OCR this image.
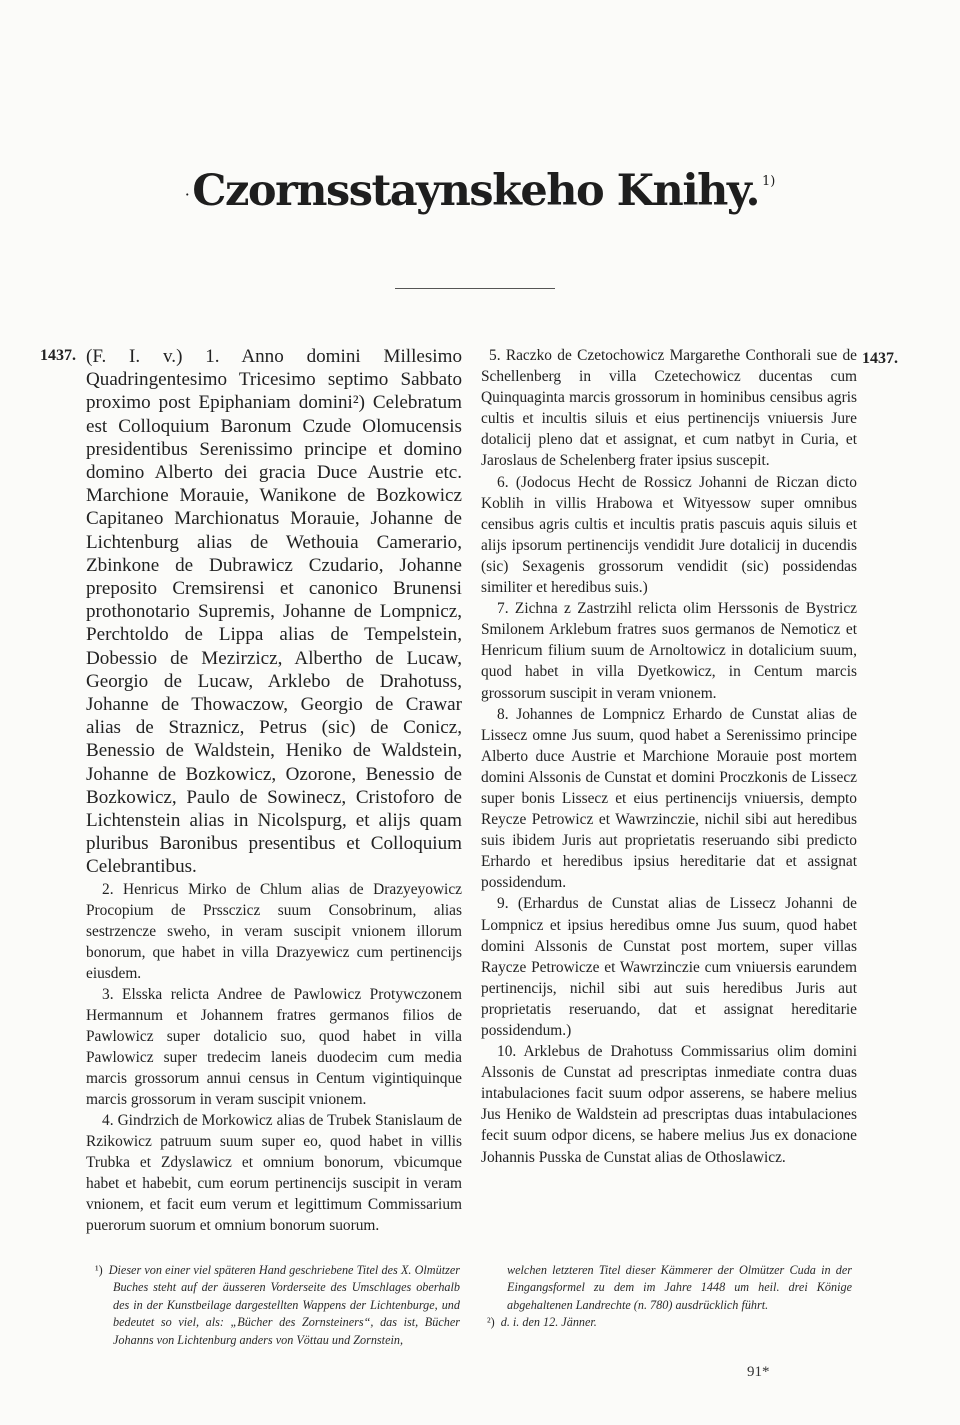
·Czornsstaynskeho Knihy. $^{1)}$
1437.	1437.

(F. I. v.) 1. Anno domini Millesimo Quadringentesimo Tricesimo septimo Sabbato proximo post Epiphaniam domini²) Celebratum est Colloquium Baronum Czude Olomucensis presidentibus Serenissimo principe et domino domino Alberto dei gracia Duce Austrie etc. Marchione Morauie, Wanikone de Bozkowicz Capitaneo Marchionatus Morauie, Johanne de Lichtenburg alias de Wethouia Camerario, Zbinkone de Dubrawicz Czudario, Johanne preposito Cremsirensi et canonico Brunensi prothonotario Supremis, Johanne de Lompnicz, Perchtoldo de Lippa alias de Tempelstein, Dobessio de Mezirzicz, Albertho de Lucaw, Georgio de Lucaw, Arklebo de Drahotuss, Johanne de Thowaczow, Georgio de Crawar alias de Straznicz, Petrus (sic) de Conicz, Benessio de Waldstein, Heniko de Waldstein, Johanne de Bozkowicz, Ozorone, Benessio de Bozkowicz, Paulo de Sowinecz, Cristoforo de Lichtenstein alias in Nicolspurg, et alijs quam pluribus Baronibus presentibus et Colloquium Celebrantibus.

2. Henricus Mirko de Chlum alias de Drazyeyowicz Procopium de Prssczicz suum Consobrinum, alias sestrzencze sweho, in veram suscipit vnionem illorum bonorum, que habet in villa Drazyewicz cum pertinencijs eiusdem.

3. Elsska relicta Andree de Pawlowicz Protywczonem Hermannum et Johannem fratres germanos filios de Pawlowicz super dotalicio suo, quod habet in villa Pawlowicz super tredecim laneis duodecim cum media marcis grossorum annui census in Centum vigintiquinque marcis grossorum in veram suscipit vnionem.

4. Gindrzich de Morkowicz alias de Trubek Stanislaum de Rzikowicz patruum suum super eo, quod habet in villis Trubka et Zdyslawicz et omnium bonorum, vbicumque habet et habebit, cum eorum pertinencijs suscipit in veram vnionem, et facit eum verum et legittimum Commissarium puerorum suorum et omnium bonorum suorum.

5. Raczko de Czetochowicz Margarethe Conthorali sue de Schellenberg in villa Czetechowicz ducentas cum Quinquaginta marcis grossorum in hominibus censibus agris cultis et incultis siluis et eius pertinencijs vniuersis Jure dotalicij pleno dat et assignat, et cum natbyt in Curia, et Jaroslaus de Schelenberg frater ipsius suscepit.

6. (Jodocus Hecht de Rossicz Johanni de Riczan dicto Koblih in villis Hrabowa et Wityessow super omnibus censibus agris cultis et incultis pratis pascuis aquis siluis et alijs ipsorum pertinencijs vendidit Jure dotalicij in ducendis (sic) Sexagenis grossorum vendidit (sic) possidendas similiter et heredibus suis.)

7. Zichna z Zastrzihl relicta olim Herssonis de Bystricz Smilonem Arklebum fratres suos germanos de Nemoticz et Henricum filium suum de Arnoltowicz in dotalicium suum, quod habet in villa Dyetkowicz, in Centum marcis grossorum suscipit in veram vnionem.

8. Johannes de Lompnicz Erhardo de Cunstat alias de Lissecz omne Jus suum, quod habet a Serenissimo principe Alberto duce Austrie et Marchione Morauie post mortem domini Alssonis de Cunstat et domini Proczkonis de Lissecz super bonis Lissecz et eius pertinencijs vniuersis, dempto Reycze Petrowicz et Wawrzinczie, nichil sibi aut heredibus suis ibidem Juris aut proprietatis reseruando sibi predicto Erhardo et heredibus ipsius hereditarie dat et assignat possidendum.

9. (Erhardus de Cunstat alias de Lissecz Johanni de Lompnicz et ipsius heredibus omne Jus suum, quod habet domini Alssonis de Cunstat post mortem, super villas Raycze Petrowicze et Wawrzinczie cum vniuersis earundem pertinencijs, nichil sibi aut suis heredibus Juris aut proprietatis reseruando, dat et assignat hereditarie possidendum.)

10. Arklebus de Drahotuss Commissarius olim domini Alssonis de Cunstat ad prescriptas inmediate contra duas intabulaciones facit suum odpor asserens, se habere melius Jus Heniko de Waldstein ad prescriptas duas intabulaciones fecit suum odpor dicens, se habere melius Jus ex donacione Johannis Pusska de Cunstat alias de Othoslawicz.

¹) Dieser von einer viel späteren Hand geschriebene Titel des X. Olmützer Buches steht auf der äusseren Vorderseite des Umschlages oberhalb des in der Kunstbeilage dargestellten Wappens der Lichtenburge, und bedeutet so viel, als: „Bücher des Zornsteiners“, das ist, Bücher Johanns von Lichtenburg anders von Vöttau und Zornstein,

welchen letzteren Titel dieser Kämmerer der Olmützer Cuda in der Eingangsformel zu dem im Jahre 1448 um heil. drei Könige abgehaltenen Landrechte (n. 780) ausdrücklich führt.

²) d. i. den 12. Jänner.

91*
